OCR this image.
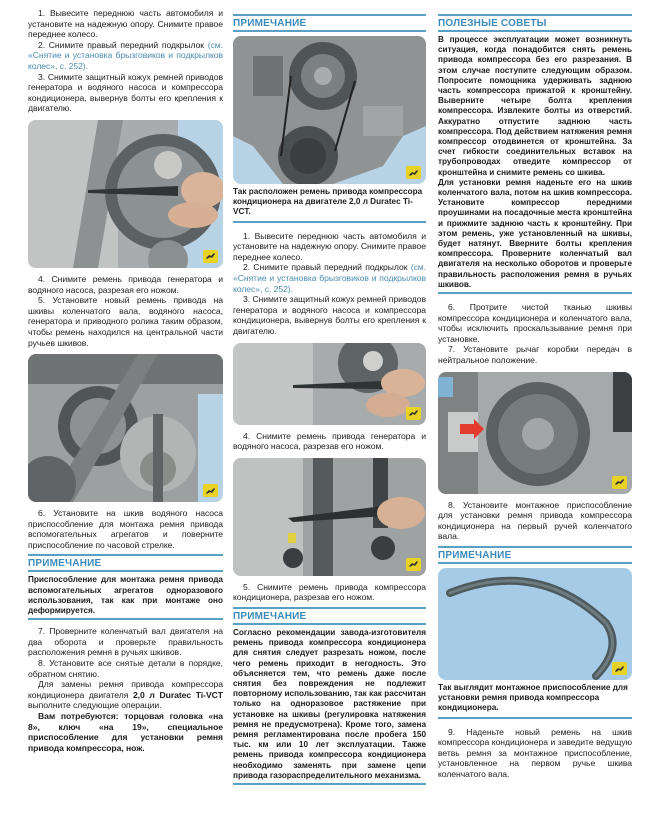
1. Вывесите переднюю часть автомобиля и установите на надежную опору. Снимите правое переднее колесо.

2. Снимите правый передний подкрылок (см. «Снятие и установка брызговиков и подкрылков колес», с. 252).

3. Снимите защитный кожух ремней приводов генератора и водяного насоса и компрессора кондиционера, вывернув болты его крепления к двигателю.

4. Снимите ремень привода генератора и водяного насоса, разрезая его ножом.

5. Установите новый ремень привода на шкивы коленчатого вала, водяного насоса, генератора и приводного ролика таким образом, чтобы ремень находился на центральной части ручьев шкивов.

6. Установите на шкив водяного насоса приспособление для монтажа ремня привода вспомогательных агрегатов и поверните приспособление по часовой стрелке.

ПРИМЕЧАНИЕ
Приспособление для монтажа ремня привода вспомогательных агрегатов одноразового использования, так как при монтаже оно деформируется.

7. Проверните коленчатый вал двигателя на два оборота и проверьте правильность расположения ремня в ручьях шкивов.

8. Установите все снятые детали в порядке, обратном снятию.

Для замены ремня привода компрессора кондиционера двигателя 2,0 л Duratec Ti-VCT выполните следующие операции.

Вам потребуются: торцовая головка «на 8», ключ «на 19», специальное приспособление для установки ремня привода компрессора, нож.

ПРИМЕЧАНИЕ
Так расположен ремень привода компрессора кондиционера на двигателе 2,0 л Duratec Ti-VCT.

1. Вывесите переднюю часть автомобиля и установите на надежную опору. Снимите правое переднее колесо.

2. Снимите правый передний подкрылок (см. «Снятие и установка брызговиков и подкрылков колес», с. 252).

3. Снимите защитный кожух ремней приводов генератора и водяного насоса и компрессора кондиционера, вывернув болты его крепления к двигателю.

4. Снимите ремень привода генератора и водяного насоса, разрезав его ножом.

5. Снимите ремень привода компрессора кондиционера, разрезав его ножом.

ПРИМЕЧАНИЕ
Согласно рекомендации завода-изготовителя ремень привода компрессора кондиционера для снятия следует разрезать ножом, после чего ремень приходит в негодность. Это объясняется тем, что ремень даже после снятия без повреждения не подлежит повторному использованию, так как рассчитан только на одноразовое растяжение при установке на шкивы (регулировка натяжения ремня не предусмотрена). Кроме того, замена ремня регламентирована после пробега 150 тыс. км или 10 лет эксплуатации. Также ремень привода компрессора кондиционера необходимо заменять при замене цепи привода газораспределительного механизма.
ПОЛЕЗНЫЕ СОВЕТЫ
В процессе эксплуатации может возникнуть ситуация, когда понадобится снять ремень привода компрессора без его разрезания. В этом случае поступите следующим образом. Попросите помощника удерживать заднюю часть компрессора прижатой к кронштейну. Выверните четыре болта крепления компрессора. Извлеките болты из отверстий. Аккуратно отпустите заднюю часть компрессора. Под действием натяжения ремня компрессор отодвинется от кронштейна. За счет гибкости соединительных вставок на трубопроводах отведите компрессор от кронштейна и снимите ремень со шкива.
Для установки ремня наденьте его на шкив коленчатого вала, потом на шкив компрессора. Установите компрессор передними проушинами на посадочные места кронштейна и прижмите заднюю часть к кронштейну. При этом ремень, уже установленный на шкивы, будет натянут. Вверните болты крепления компрессора. Проверните коленчатый вал двигателя на несколько оборотов и проверьте правильность расположения ремня в ручьях шкивов.

6. Протрите чистой тканью шкивы компрессора кондиционера и коленчатого вала, чтобы исключить проскальзывание ремня при установке.

7. Установите рычаг коробки передач в нейтральное положение.

8. Установите монтажное приспособление для установки ремня привода компрессора кондиционера на первый ручей коленчатого вала.

ПРИМЕЧАНИЕ
Так выглядит монтажное приспособление для установки ремня привода компрессора кондиционера.

9. Наденьте новый ремень на шкив компрессора кондиционера и заведите ведущую ветвь ремня за монтажное приспособление, установленное на первом ручье шкива коленчатого вала.
